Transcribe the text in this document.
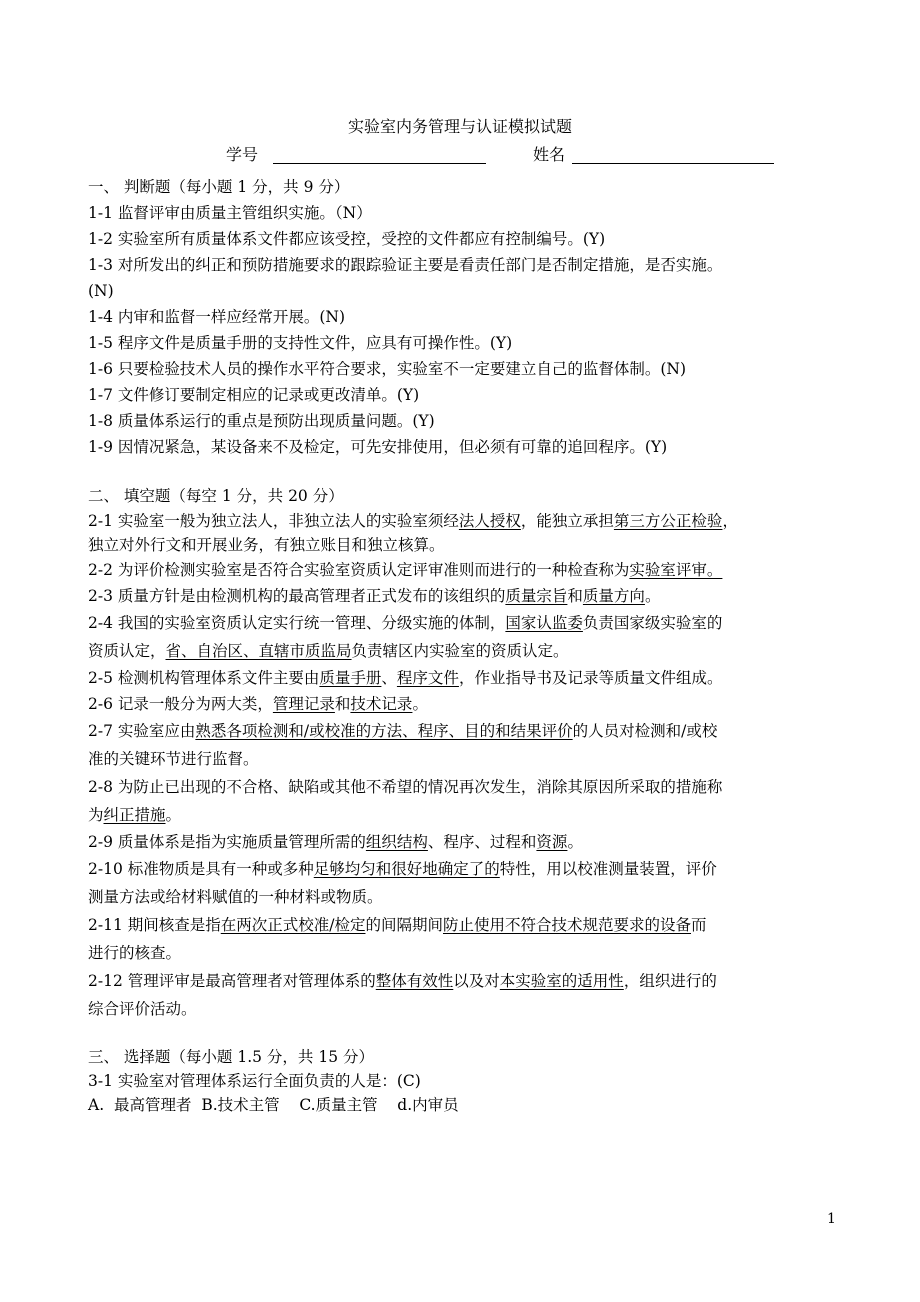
实验室内务管理与认证模拟试题
学号	姓名
一、 判断题（每小题 1 分，共 9 分）
1-1 监督评审由质量主管组织实施。（N）
1-2 实验室所有质量体系文件都应该受控，受控的文件都应有控制编号。(Y)
1-3 对所发出的纠正和预防措施要求的跟踪验证主要是看责任部门是否制定措施，是否实施。
(N)
1-4 内审和监督一样应经常开展。(N)
1-5 程序文件是质量手册的支持性文件，应具有可操作性。(Y)
1-6 只要检验技术人员的操作水平符合要求，实验室不一定要建立自己的监督体制。(N)
1-7 文件修订要制定相应的记录或更改清单。(Y)
1-8 质量体系运行的重点是预防出现质量问题。(Y)
1-9 因情况紧急，某设备来不及检定，可先安排使用，但必须有可靠的追回程序。(Y)
二、 填空题（每空 1 分，共 20 分）
2-1 实验室一般为独立法人，非独立法人的实验室须经法人授权，能独立承担第三方公正检验，
独立对外行文和开展业务，有独立账目和独立核算。
2-2 为评价检测实验室是否符合实验室资质认定评审准则而进行的一种检查称为实验室评审。
2-3 质量方针是由检测机构的最高管理者正式发布的该组织的质量宗旨和质量方向。
2-4 我国的实验室资质认定实行统一管理、分级实施的体制，国家认监委负责国家级实验室的
资质认定，省、自治区、直辖市质监局负责辖区内实验室的资质认定。
2-5 检测机构管理体系文件主要由质量手册、程序文件，作业指导书及记录等质量文件组成。
2-6 记录一般分为两大类，管理记录和技术记录。
2-7 实验室应由熟悉各项检测和/或校准的方法、程序、目的和结果评价的人员对检测和/或校
准的关键环节进行监督。
2-8 为防止已出现的不合格、缺陷或其他不希望的情况再次发生，消除其原因所采取的措施称
为纠正措施。
2-9 质量体系是指为实施质量管理所需的组织结构、程序、过程和资源。
2-10 标准物质是具有一种或多种足够均匀和很好地确定了的特性，用以校准测量装置，评价
测量方法或给材料赋值的一种材料或物质。
2-11 期间核查是指在两次正式校准/检定的间隔期间防止使用不符合技术规范要求的设备而
进行的核查。
2-12 管理评审是最高管理者对管理体系的整体有效性以及对本实验室的适用性，组织进行的
综合评价活动。
三、 选择题（每小题 1.5 分，共 15 分）
3-1 实验室对管理体系运行全面负责的人是：(C)
A.  最高管理者  B.技术主管    C.质量主管    d.内审员
1
